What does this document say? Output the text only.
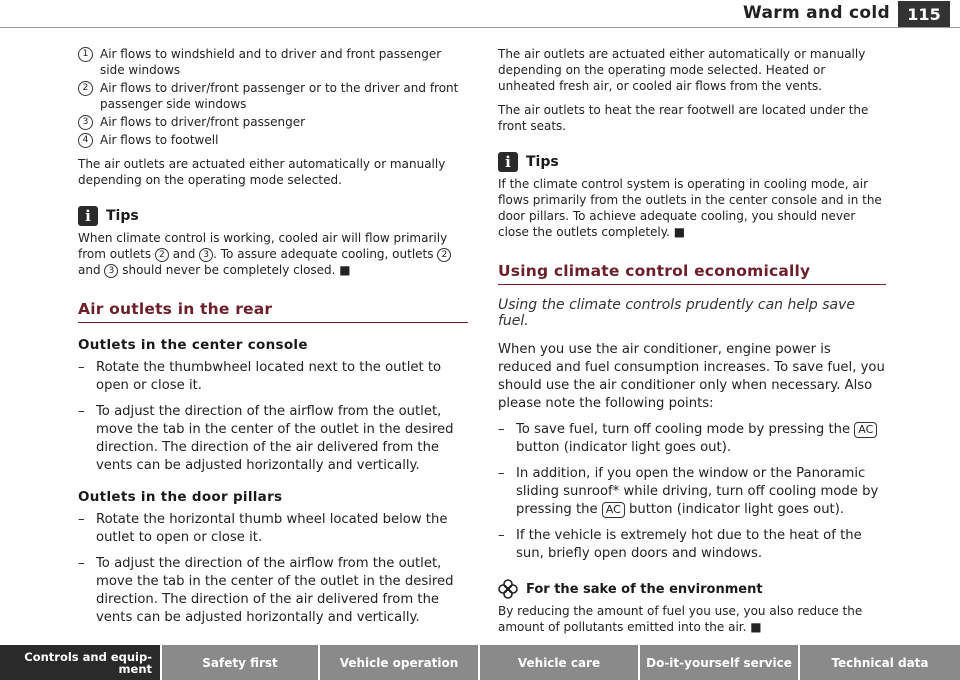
Warm and cold	115
1 Air flows to windshield and to driver and front passenger side windows
2 Air flows to driver/front passenger or to the driver and front passenger side windows
3 Air flows to driver/front passenger
4 Air flows to footwell
The air outlets are actuated either automatically or manually depending on the operating mode selected.
i	Tips
When climate control is working, cooled air will flow primarily from outlets 2 and 3 . To assure adequate cooling, outlets 2 and 3 should never be completely closed. ■
Air outlets in the rear
Outlets in the center console
– Rotate the thumbwheel located next to the outlet to open or close it.
– To adjust the direction of the airflow from the outlet, move the tab in the center of the outlet in the desired direction. The direction of the air delivered from the vents can be adjusted horizontally and vertically.
Outlets in the door pillars
– Rotate the horizontal thumb wheel located below the outlet to open or close it.
– To adjust the direction of the airflow from the outlet, move the tab in the center of the outlet in the desired direction. The direction of the air delivered from the vents can be adjusted horizontally and vertically.
The air outlets are actuated either automatically or manually depending on the operating mode selected. Heated or unheated fresh air, or cooled air flows from the vents.
The air outlets to heat the rear footwell are located under the front seats.
i	Tips
If the climate control system is operating in cooling mode, air flows primarily from the outlets in the center console and in the door pillars. To achieve adequate cooling, you should never close the outlets completely. ■
Using climate control economically
Using the climate controls prudently can help save fuel.
When you use the air conditioner, engine power is reduced and fuel consumption increases. To save fuel, you should use the air conditioner only when necessary. Also please note the following points:
– To save fuel, turn off cooling mode by pressing the AC button (indicator light goes out).
– In addition, if you open the window or the Panoramic sliding sunroof* while driving, turn off cooling mode by pressing the AC button (indicator light goes out).
– If the vehicle is extremely hot due to the heat of the sun, briefly open doors and windows.
For the sake of the environment
By reducing the amount of fuel you use, you also reduce the amount of pollutants emitted into the air. ■
Controls and equip- ment	Safety first	Vehicle operation	Vehicle care	Do-it-yourself service	Technical data
